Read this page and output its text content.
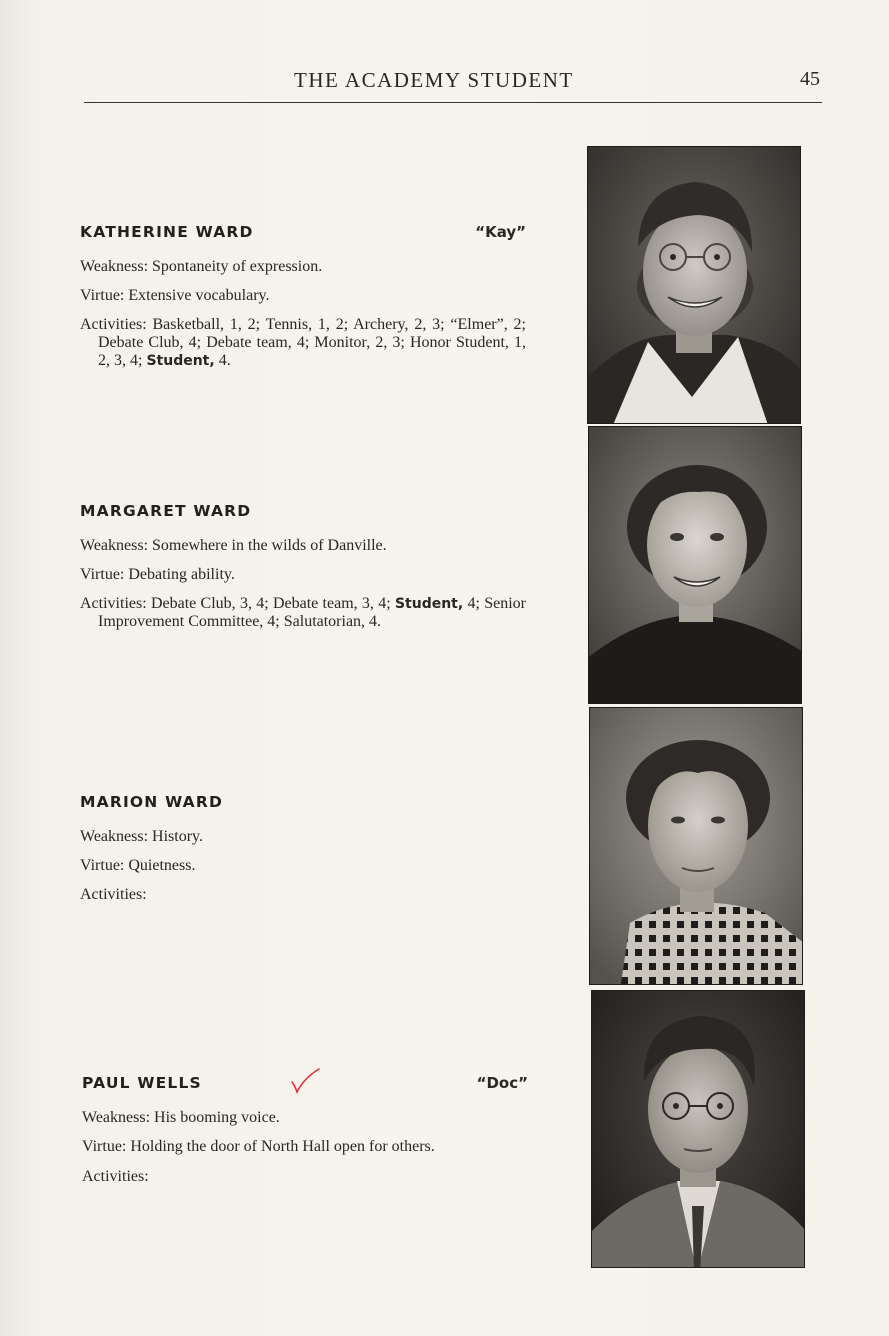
THE ACADEMY STUDENT	45
KATHERINE WARD	“Kay”

Weakness: Spontaneity of expression.

Virtue: Extensive vocabulary.

Activities: Basketball, 1, 2; Tennis, 1, 2; Archery, 2, 3; “Elmer”, 2; Debate Club, 4; Debate team, 4; Monitor, 2, 3; Honor Student, 1, 2, 3, 4; Student, 4.

MARGARET WARD

Weakness: Somewhere in the wilds of Danville.

Virtue: Debating ability.

Activities: Debate Club, 3, 4; Debate team, 3, 4; Student, 4; Senior Improvement Committee, 4; Salutatorian, 4.

MARION WARD

Weakness: History.

Virtue: Quietness.

Activities:

PAUL WELLS	“Doc”

Weakness: His booming voice.

Virtue: Holding the door of North Hall open for others.

Activities:
